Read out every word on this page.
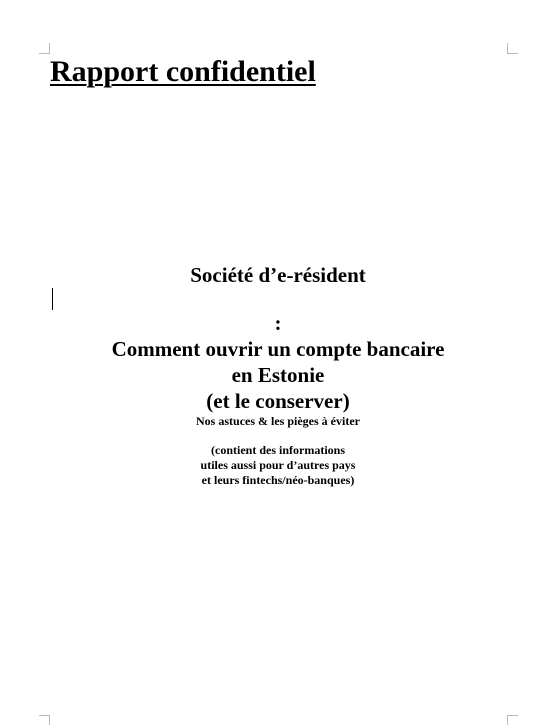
Rapport confidentiel
Société d’e-résident
:
Comment ouvrir un compte bancaire
en Estonie
(et le conserver)

Nos astuces & les pièges à éviter

(contient des informations
utiles aussi pour d’autres pays
et leurs fintechs/néo-banques)
